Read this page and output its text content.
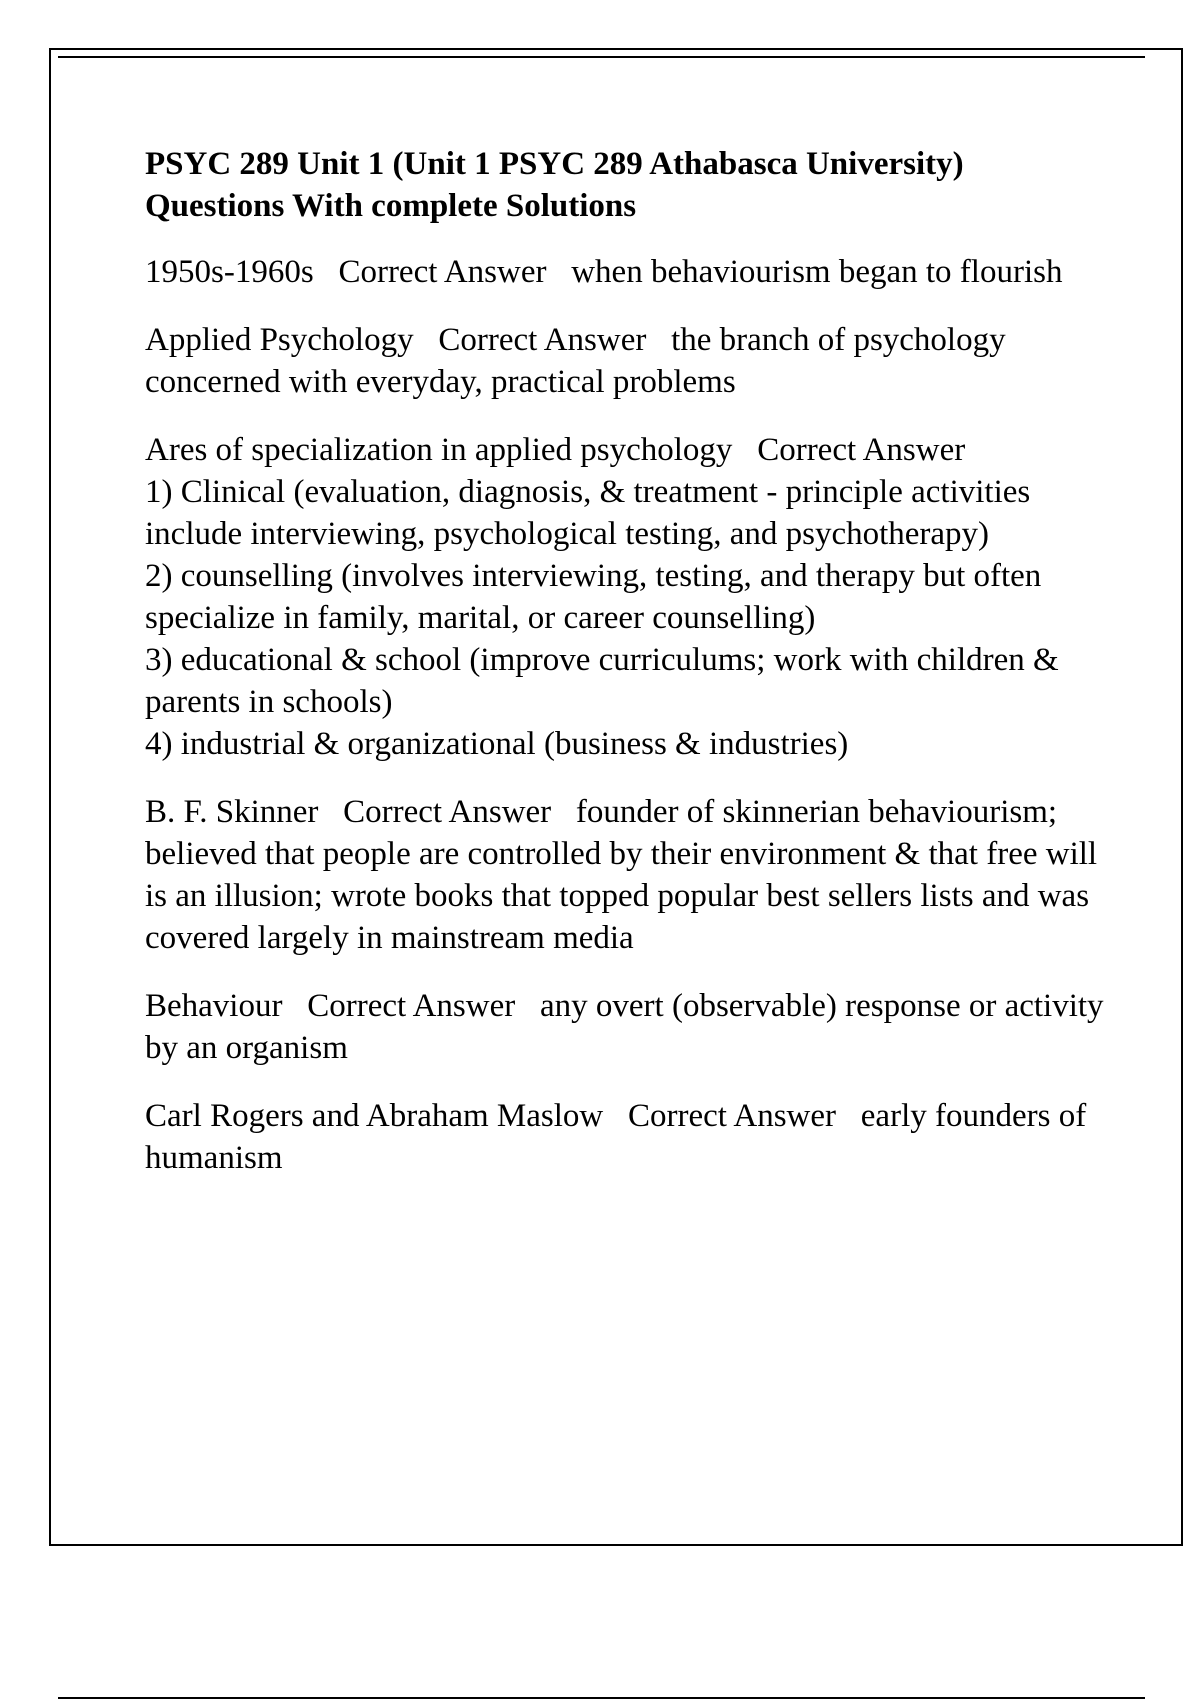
PSYC 289 Unit 1 (Unit 1 PSYC 289 Athabasca University) Questions With complete Solutions
1950s-1960s Correct Answer when behaviourism began to flourish
Applied Psychology Correct Answer the branch of psychology concerned with everyday, practical problems
Ares of specialization in applied psychology Correct Answer
1) Clinical (evaluation, diagnosis, & treatment - principle activities include interviewing, psychological testing, and psychotherapy)
2) counselling (involves interviewing, testing, and therapy but often specialize in family, marital, or career counselling)
3) educational & school (improve curriculums; work with children & parents in schools)
4) industrial & organizational (business & industries)
B. F. Skinner Correct Answer founder of skinnerian behaviourism; believed that people are controlled by their environment & that free will is an illusion; wrote books that topped popular best sellers lists and was covered largely in mainstream media
Behaviour Correct Answer any overt (observable) response or activity by an organism
Carl Rogers and Abraham Maslow Correct Answer early founders of humanism
